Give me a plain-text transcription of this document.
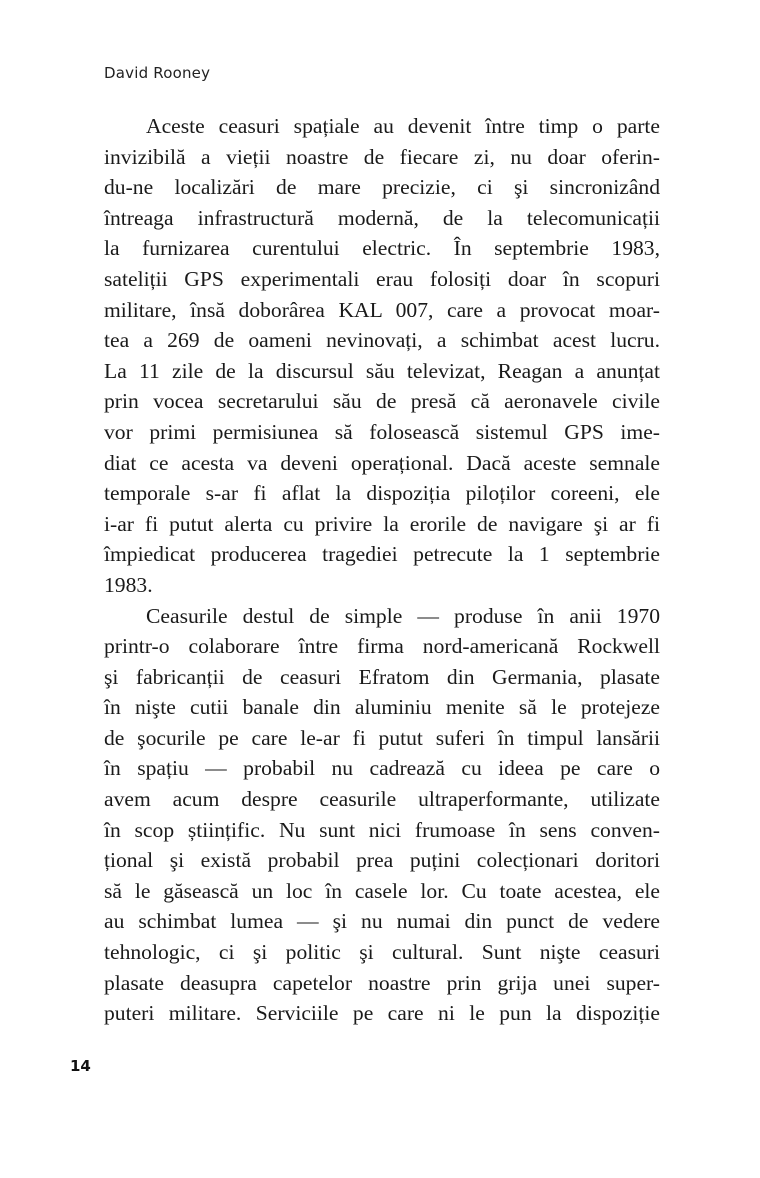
David Rooney
Aceste ceasuri spațiale au devenit între timp o parte
invizibilă a vieții noastre de fiecare zi, nu doar oferin-
du-ne localizări de mare precizie, ci şi sincronizând
întreaga infrastructură modernă, de la telecomunicații
la furnizarea curentului electric. În septembrie 1983,
sateliții GPS experimentali erau folosiți doar în scopuri
militare, însă doborârea KAL 007, care a provocat moar-
tea a 269 de oameni nevinovați, a schimbat acest lucru.
La 11 zile de la discursul său televizat, Reagan a anunțat
prin vocea secretarului său de presă că aeronavele civile
vor primi permisiunea să folosească sistemul GPS ime-
diat ce acesta va deveni operațional. Dacă aceste semnale
temporale s-ar fi aflat la dispoziția piloților coreeni, ele
i-ar fi putut alerta cu privire la erorile de navigare şi ar fi
împiedicat producerea tragediei petrecute la 1 septembrie
1983.
Ceasurile destul de simple — produse în anii 1970
printr-o colaborare între firma nord-americană Rockwell
şi fabricanții de ceasuri Efratom din Germania, plasate
în nişte cutii banale din aluminiu menite să le protejeze
de şocurile pe care le-ar fi putut suferi în timpul lansării
în spațiu — probabil nu cadrează cu ideea pe care o
avem acum despre ceasurile ultraperformante, utilizate
în scop științific. Nu sunt nici frumoase în sens conven-
țional şi există probabil prea puțini colecționari doritori
să le găsească un loc în casele lor. Cu toate acestea, ele
au schimbat lumea — şi nu numai din punct de vedere
tehnologic, ci şi politic şi cultural. Sunt nişte ceasuri
plasate deasupra capetelor noastre prin grija unei super-
puteri militare. Serviciile pe care ni le pun la dispoziție
14
